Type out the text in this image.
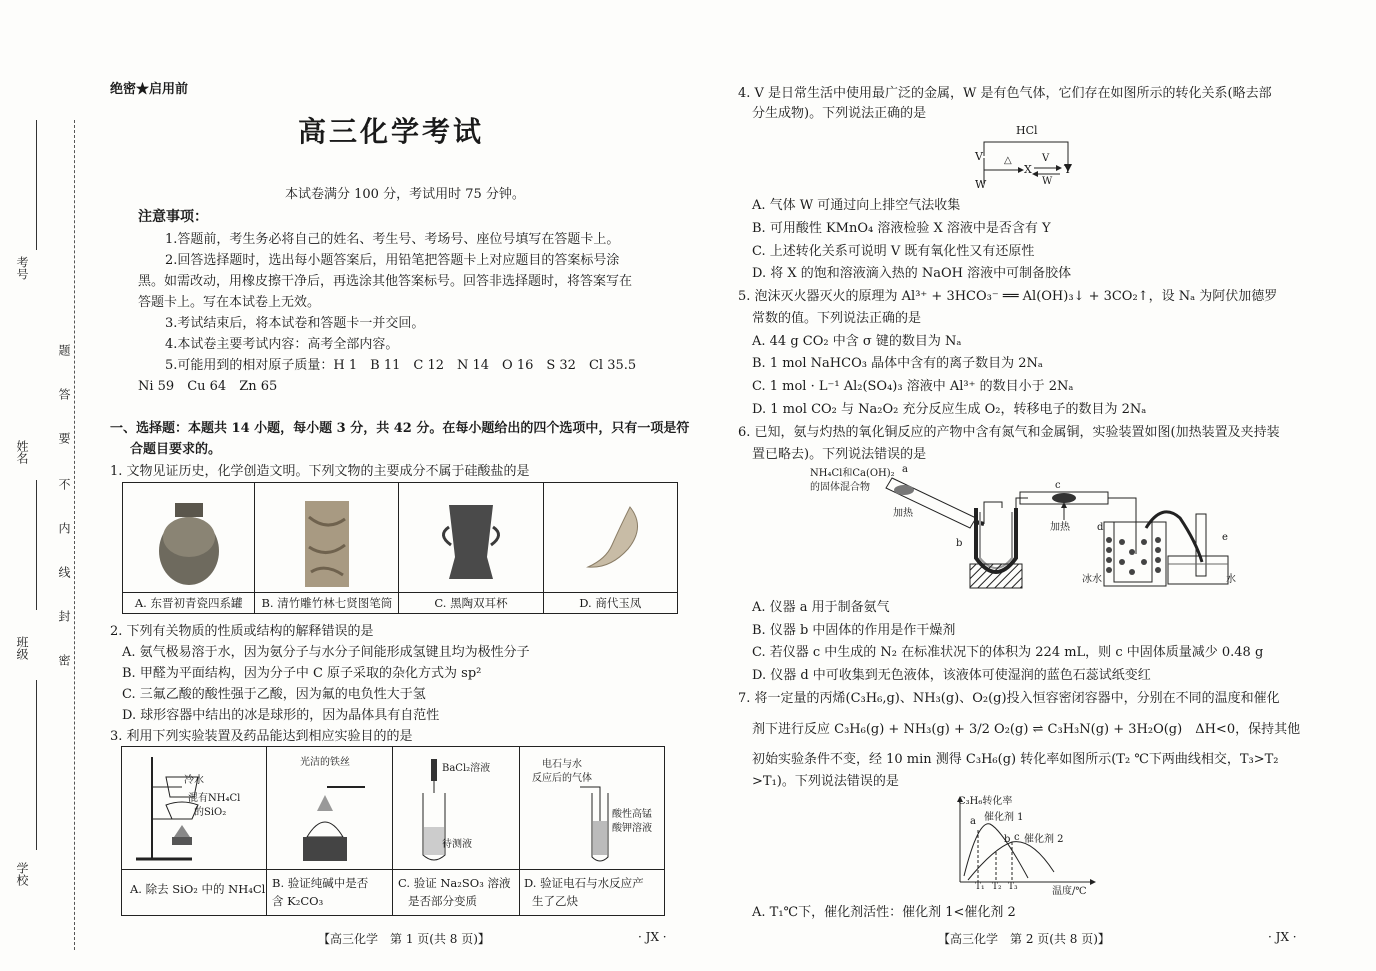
考号
姓名
班级
学校
题
答
要
不
内
线
封
密
绝密★启用前
高三化学考试
本试卷满分 100 分，考试用时 75 分钟。
注意事项：
1.答题前，考生务必将自己的姓名、考生号、考场号、座位号填写在答题卡上。
2.回答选择题时，选出每小题答案后，用铅笔把答题卡上对应题目的答案标号涂
黑。如需改动，用橡皮擦干净后，再选涂其他答案标号。回答非选择题时，将答案写在
答题卡上。写在本试卷上无效。
3.考试结束后，将本试卷和答题卡一并交回。
4.本试卷主要考试内容：高考全部内容。
5.可能用到的相对原子质量：H 1　B 11　C 12　N 14　O 16　S 32　Cl 35.5
Ni 59　Cu 64　Zn 65
一、选择题：本题共 14 小题，每小题 3 分，共 42 分。在每小题给出的四个选项中，只有一项是符
合题目要求的。
1. 文物见证历史，化学创造文明。下列文物的主要成分不属于硅酸盐的是
A. 东晋初青瓷四系罐	B. 清竹雕竹林七贤图笔筒	C. 黑陶双耳杯	D. 商代玉凤
2. 下列有关物质的性质或结构的解释错误的是
A. 氨气极易溶于水，因为氨分子与水分子间能形成氢键且均为极性分子
B. 甲醛为平面结构，因为分子中 C 原子采取的杂化方式为 sp²
C. 三氟乙酸的酸性强于乙酸，因为氟的电负性大于氢
D. 球形容器中结出的冰是球形的，因为晶体具有自范性
3. 利用下列实验装置及药品能达到相应实验目的的是
冷水
混有NH₄Cl
的SiO₂
光洁的铁丝
BaCl₂溶液
待测液
电石与水
反应后的气体
酸性高锰
酸钾溶液
A. 除去 SiO₂ 中的 NH₄Cl B. 验证纯碱中是否
含 K₂CO₃
C. 验证 Na₂SO₃ 溶液
是否部分变质
D. 验证电石与水反应产
生了乙炔
【高三化学　第 1 页(共 8 页)】	· JX ·
4. V 是日常生活中使用最广泛的金属，W 是有色气体，它们存在如图所示的转化关系(略去部
分生成物)。下列说法正确的是
HCl
V
W
△
X	Y
V
W
A. 气体 W 可通过向上排空气法收集
B. 可用酸性 KMnO₄ 溶液检验 X 溶液中是否含有 Y
C. 上述转化关系可说明 V 既有氧化性又有还原性
D. 将 X 的饱和溶液滴入热的 NaOH 溶液中可制备胶体
5. 泡沫灭火器灭火的原理为 Al³⁺ + 3HCO₃⁻ ══ Al(OH)₃↓ + 3CO₂↑，设 Nₐ 为阿伏加德罗
常数的值。下列说法正确的是
A. 44 g CO₂ 中含 σ 键的数目为 Nₐ
B. 1 mol NaHCO₃ 晶体中含有的离子数目为 2Nₐ
C. 1 mol · L⁻¹ Al₂(SO₄)₃ 溶液中 Al³⁺ 的数目小于 2Nₐ
D. 1 mol CO₂ 与 Na₂O₂ 充分反应生成 O₂，转移电子的数目为 2Nₐ
6. 已知，氨与灼热的氧化铜反应的产物中含有氮气和金属铜，实验装置如图(加热装置及夹持装
置已略去)。下列说法错误的是
NH₄Cl和Ca(OH)₂
的固体混合物
a
b
c
d
e
加热
加热
冰水	水
A. 仪器 a 用于制备氨气
B. 仪器 b 中固体的作用是作干燥剂
C. 若仪器 c 中生成的 N₂ 在标准状况下的体积为 224 mL，则 c 中固体质量减少 0.48 g
D. 仪器 d 中可收集到无色液体，该液体可使湿润的蓝色石蕊试纸变红
7. 将一定量的丙烯(C₃H₆,g)、NH₃(g)、O₂(g)投入恒容密闭容器中，分别在不同的温度和催化
剂下进行反应 C₃H₆(g) + NH₃(g) + 3/2 O₂(g) ⇌ C₃H₃N(g) + 3H₂O(g)　ΔH<0，保持其他
初始实验条件不变，经 10 min 测得 C₃H₆(g) 转化率如图所示(T₂ ℃下两曲线相交，T₃>T₂
>T₁)。下列说法错误的是
C₃H₆转化率
催化剂 1
催化剂 2
a
b c
T₁ T₂ T₃	温度/℃
A. T₁℃下，催化剂活性：催化剂 1<催化剂 2
【高三化学　第 2 页(共 8 页)】	· JX ·
